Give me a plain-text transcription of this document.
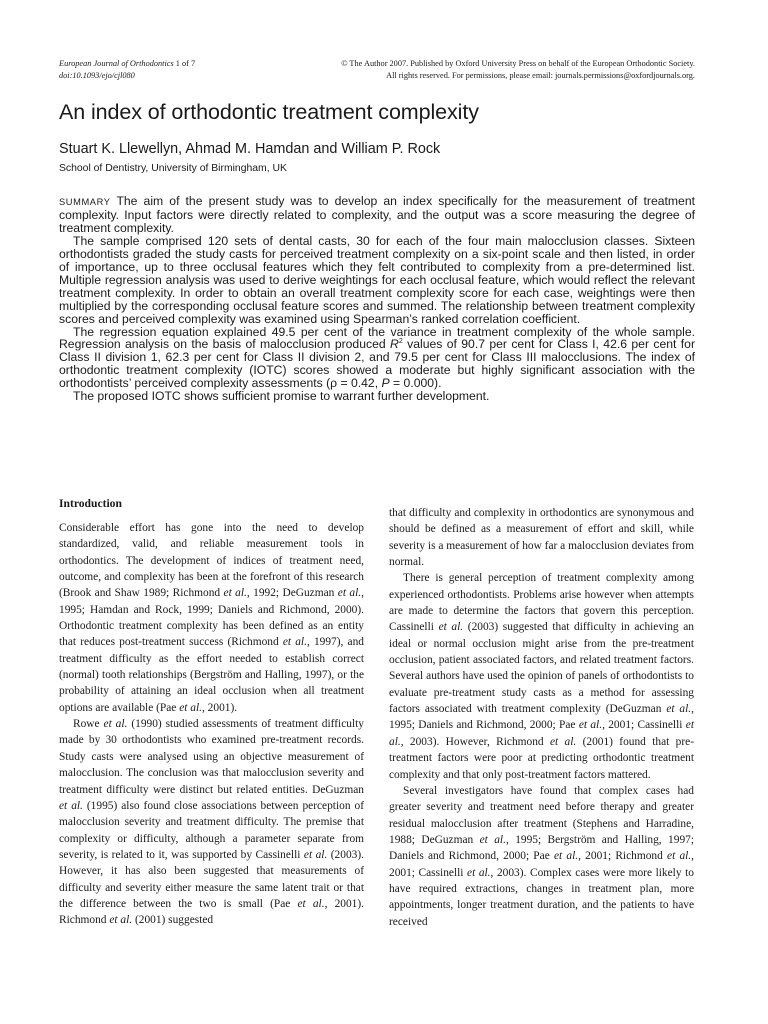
European Journal of Orthodontics 1 of 7
doi:10.1093/ejo/cjl080
© The Author 2007. Published by Oxford University Press on behalf of the European Orthodontic Society.
All rights reserved. For permissions, please email: journals.permissions@oxfordjournals.org.
An index of orthodontic treatment complexity
Stuart K. Llewellyn, Ahmad M. Hamdan and William P. Rock
School of Dentistry, University of Birmingham, UK

SUMMARY The aim of the present study was to develop an index specifically for the measurement of treatment complexity. Input factors were directly related to complexity, and the output was a score measuring the degree of treatment complexity.

The sample comprised 120 sets of dental casts, 30 for each of the four main malocclusion classes. Sixteen orthodontists graded the study casts for perceived treatment complexity on a six-point scale and then listed, in order of importance, up to three occlusal features which they felt contributed to complexity from a pre-determined list. Multiple regression analysis was used to derive weightings for each occlusal feature, which would reflect the relevant treatment complexity. In order to obtain an overall treatment complexity score for each case, weightings were then multiplied by the corresponding occlusal feature scores and summed. The relationship between treatment complexity scores and perceived complexity was examined using Spearman’s ranked correlation coefficient.

The regression equation explained 49.5 per cent of the variance in treatment complexity of the whole sample. Regression analysis on the basis of malocclusion produced $R^2$ values of 90.7 per cent for Class I, 42.6 per cent for Class II division 1, 62.3 per cent for Class II division 2, and 79.5 per cent for Class III malocclusions. The index of orthodontic treatment complexity (IOTC) scores showed a moderate but highly significant association with the orthodontists’ perceived complexity assessments (ρ = 0.42, P = 0.000).

The proposed IOTC shows sufficient promise to warrant further development.

Introduction

Considerable effort has gone into the need to develop standardized, valid, and reliable measurement tools in orthodontics. The development of indices of treatment need, outcome, and complexity has been at the forefront of this research (Brook and Shaw 1989; Richmond et al., 1992; DeGuzman et al., 1995; Hamdan and Rock, 1999; Daniels and Richmond, 2000). Orthodontic treatment complexity has been defined as an entity that reduces post-treatment success (Richmond et al., 1997), and treatment difficulty as the effort needed to establish correct (normal) tooth relationships (Bergström and Halling, 1997), or the probability of attaining an ideal occlusion when all treatment options are available (Pae et al., 2001).

Rowe et al. (1990) studied assessments of treatment difficulty made by 30 orthodontists who examined pre-treatment records. Study casts were analysed using an objective measurement of malocclusion. The conclusion was that malocclusion severity and treatment difficulty were distinct but related entities. DeGuzman et al. (1995) also found close associations between perception of malocclusion severity and treatment difficulty. The premise that complexity or difficulty, although a parameter separate from severity, is related to it, was supported by Cassinelli et al. (2003). However, it has also been suggested that measurements of difficulty and severity either measure the same latent trait or that the difference between the two is small (Pae et al., 2001). Richmond et al. (2001) suggested

that difficulty and complexity in orthodontics are synonymous and should be defined as a measurement of effort and skill, while severity is a measurement of how far a malocclusion deviates from normal.

There is general perception of treatment complexity among experienced orthodontists. Problems arise however when attempts are made to determine the factors that govern this perception. Cassinelli et al. (2003) suggested that difficulty in achieving an ideal or normal occlusion might arise from the pre-treatment occlusion, patient associated factors, and related treatment factors. Several authors have used the opinion of panels of orthodontists to evaluate pre-treatment study casts as a method for assessing factors associated with treatment complexity (DeGuzman et al., 1995; Daniels and Richmond, 2000; Pae et al., 2001; Cassinelli et al., 2003). However, Richmond et al. (2001) found that pre-treatment factors were poor at predicting orthodontic treatment complexity and that only post-treatment factors mattered.

Several investigators have found that complex cases had greater severity and treatment need before therapy and greater residual malocclusion after treatment (Stephens and Harradine, 1988; DeGuzman et al., 1995; Bergström and Halling, 1997; Daniels and Richmond, 2000; Pae et al., 2001; Richmond et al., 2001; Cassinelli et al., 2003). Complex cases were more likely to have required extractions, changes in treatment plan, more appointments, longer treatment duration, and the patients to have received
